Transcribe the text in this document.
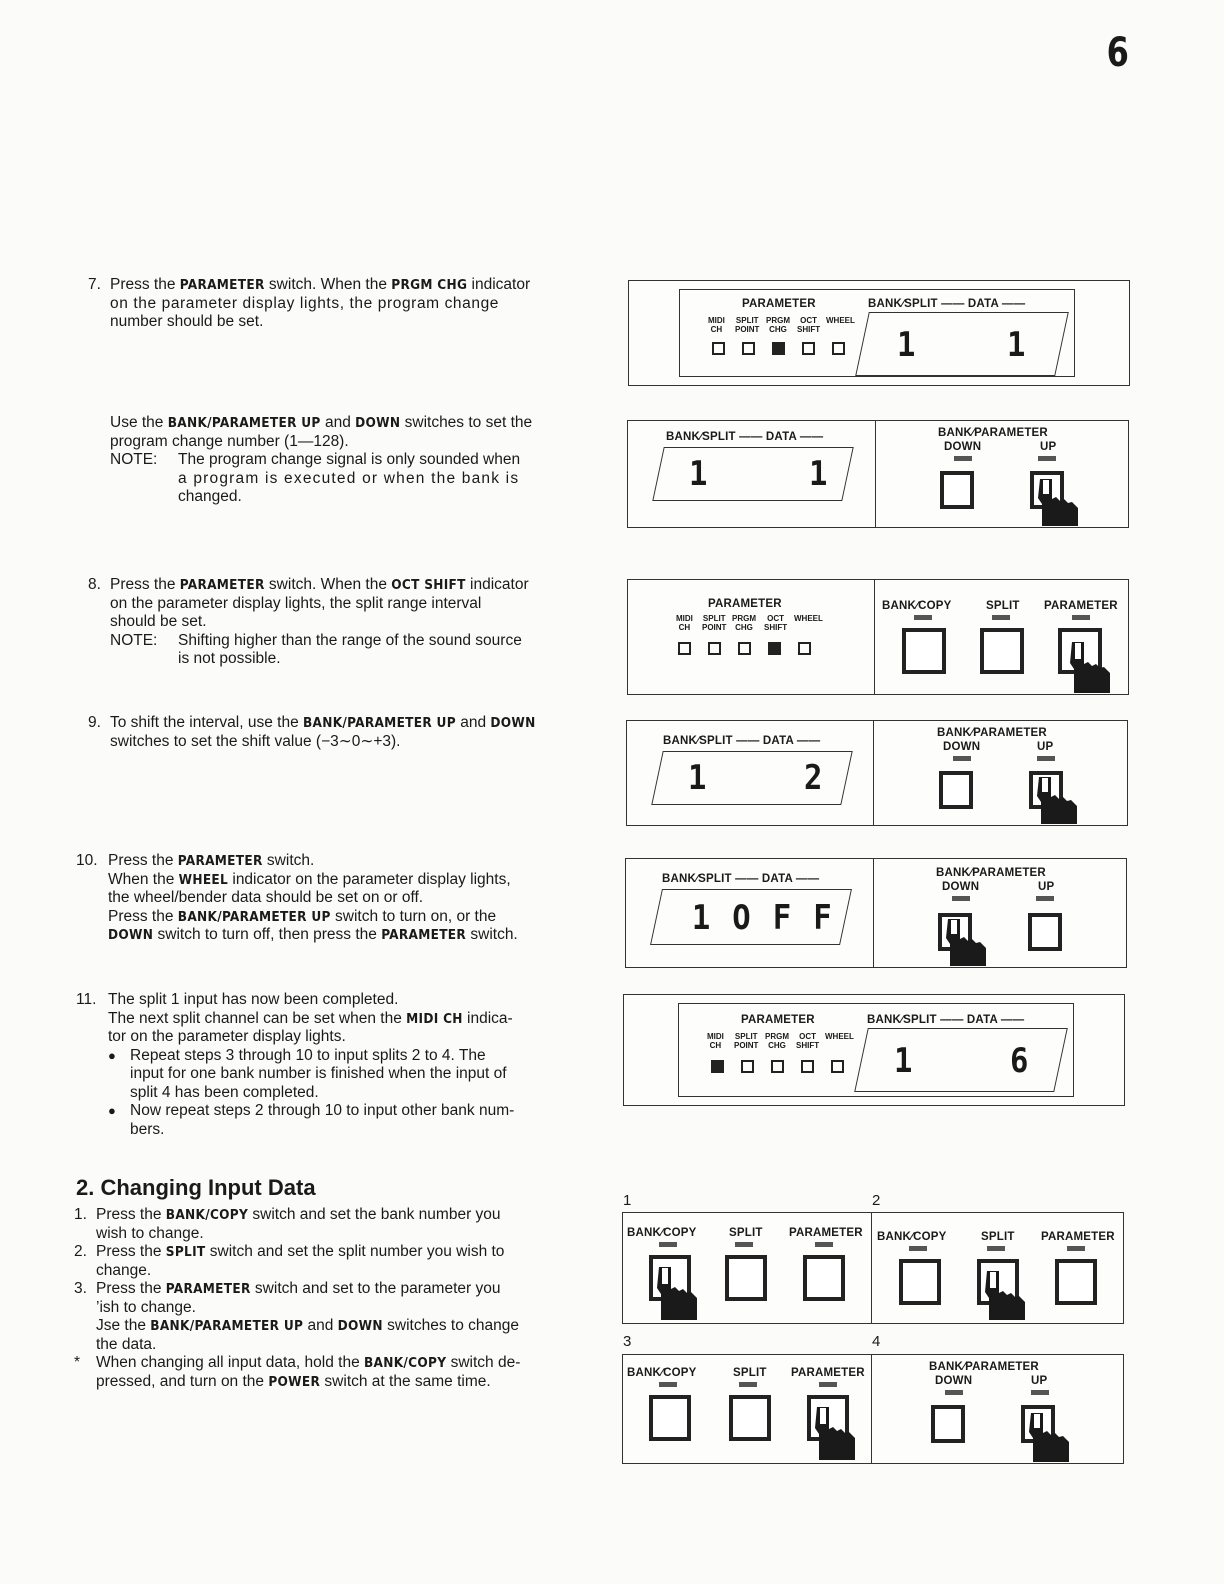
6
7. Press the PARAMETER switch. When the PRGM CHG indicator

on the parameter display lights, the program change

number should be set.

Use the BANK/PARAMETER UP and DOWN switches to set the

program change number (1—128).

NOTE:	The program change signal is only sounded when

a program is executed or when the bank is

changed.

8. Press the PARAMETER switch. When the OCT SHIFT indicator

on the parameter display lights, the split range interval

should be set.

NOTE:	Shifting higher than the range of the sound source

is not possible.

9. To shift the interval, use the BANK/PARAMETER UP and DOWN

switches to set the shift value (−3∼0∼+3).

10. Press the PARAMETER switch.

When the WHEEL indicator on the parameter display lights,

the wheel/bender data should be set on or off.

Press the BANK/PARAMETER UP switch to turn on, or the

DOWN switch to turn off, then press the PARAMETER switch.

11. The split 1 input has now been completed.

The next split channel can be set when the MIDI CH indica-

tor on the parameter display lights.

● Repeat steps 3 through 10 to input splits 2 to 4. The

input for one bank number is finished when the input of

split 4 has been completed.

● Now repeat steps 2 through 10 to input other bank num-

bers.

2. Changing Input Data
1. Press the BANK/COPY switch and set the bank number you

wish to change.

2. Press the SPLIT switch and set the split number you wish to

change.

3. Press the PARAMETER switch and set to the parameter you

’ish to change.

Jse the BANK/PARAMETER UP and DOWN switches to change

the data.

* When changing all input data, hold the BANK/COPY switch de-

pressed, and turn on the POWER switch at the same time.

PARAMETER	BANK∕SPLIT —— DATA ——
MIDI
CH
SPLIT
POINT
PRGM
CHG
OCT
SHIFT
WHEEL
1	1
BANK∕SPLIT —— DATA ——
1	1
BANK∕PARAMETER
DOWN	UP
PARAMETER
MIDI
CH
SPLIT
POINT
PRGM
CHG
OCT
SHIFT
WHEEL
BANK∕COPY	SPLIT PARAMETER
BANK∕SPLIT —— DATA ——
1	2
BANK∕PARAMETER
DOWN	UP
BANK∕SPLIT —— DATA ——
1 O F F
BANK∕PARAMETER
DOWN	UP
PARAMETER	BANK∕SPLIT —— DATA ——
MIDI
CH
SPLIT
POINT
PRGM
CHG
OCT
SHIFT
WHEEL
1	6
1	2
3	4
BANK∕COPY	SPLIT PARAMETER BANK∕COPY	SPLIT PARAMETER
BANK∕COPY	SPLIT PARAMETER	BANK∕PARAMETER
DOWN	UP
